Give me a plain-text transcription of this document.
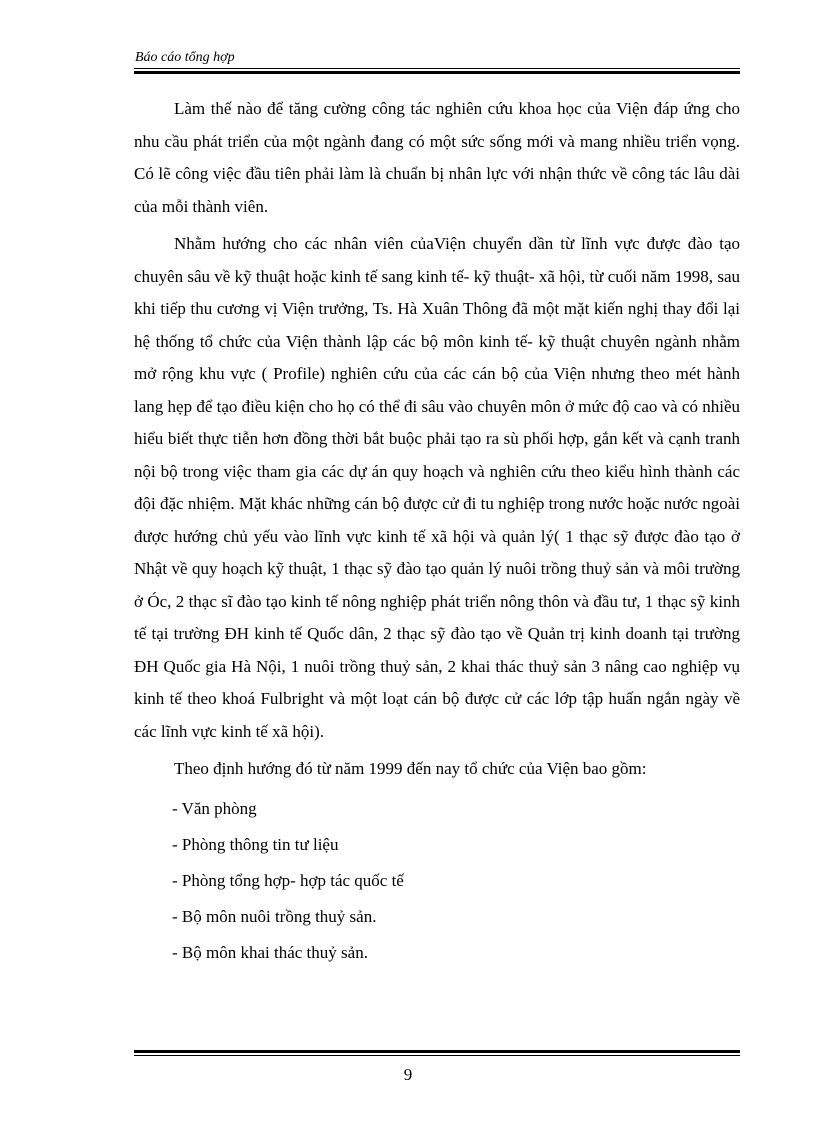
Báo cáo tổng hợp

Làm thế nào để tăng cường công tác nghiên cứu khoa học của Viện đáp ứng cho nhu cầu phát triển của một ngành đang có một sức sống mới và mang nhiều triển vọng. Có lẽ công việc đầu tiên phải làm là chuẩn bị nhân lực với nhận thức về công tác lâu dài của mỗi thành viên.

Nhằm hướng cho các nhân viên củaViện chuyển dần từ lĩnh vực được đào tạo chuyên sâu về kỹ thuật hoặc kinh tế sang kinh tế- kỹ thuật- xã hội, từ cuối năm 1998, sau khi tiếp thu cương vị Viện trưởng, Ts. Hà Xuân Thông đã một mặt kiến nghị thay đổi lại hệ thống tổ chức của Viện thành lập các bộ môn kinh tế- kỹ thuật chuyên ngành nhằm mở rộng khu vực ( Profile) nghiên cứu của các cán bộ của Viện nhưng theo mét hành lang hẹp để tạo điều kiện cho họ có thể đi sâu vào chuyên môn ở mức độ cao và có nhiều hiểu biết thực tiễn hơn đồng thời bắt buộc phải tạo ra sù phối hợp, gắn kết và cạnh tranh nội bộ trong việc tham gia các dự án quy hoạch và nghiên cứu theo kiểu hình thành các đội đặc nhiệm. Mặt khác những cán bộ được cử đi tu nghiệp trong nước hoặc nước ngoài được hướng chủ yếu vào lĩnh vực kinh tế xã hội và quản lý( 1 thạc sỹ được đào tạo ở Nhật về quy hoạch kỹ thuật, 1 thạc sỹ đào tạo quản lý nuôi trồng thuỷ sản và môi trường ở Óc, 2 thạc sĩ đào tạo kinh tế nông nghiệp phát triển nông thôn và đầu tư, 1 thạc sỹ kinh tế tại trường ĐH kinh tế Quốc dân, 2 thạc sỹ đào tạo về Quản trị kinh doanh tại trường ĐH Quốc gia Hà Nội, 1 nuôi trồng thuỷ sản, 2 khai thác thuỷ sản 3 nâng cao nghiệp vụ kinh tế theo khoá Fulbright và một loạt cán bộ được cử các lớp tập huấn ngắn ngày về các lĩnh vực kinh tế xã hội).

Theo định hướng đó từ năm 1999 đến nay tổ chức của Viện bao gồm:

- Văn phòng

- Phòng thông tin tư liệu

- Phòng tổng hợp- hợp tác quốc tế

- Bộ môn nuôi trồng thuỷ sản.

- Bộ môn khai thác thuỷ sản.

9
